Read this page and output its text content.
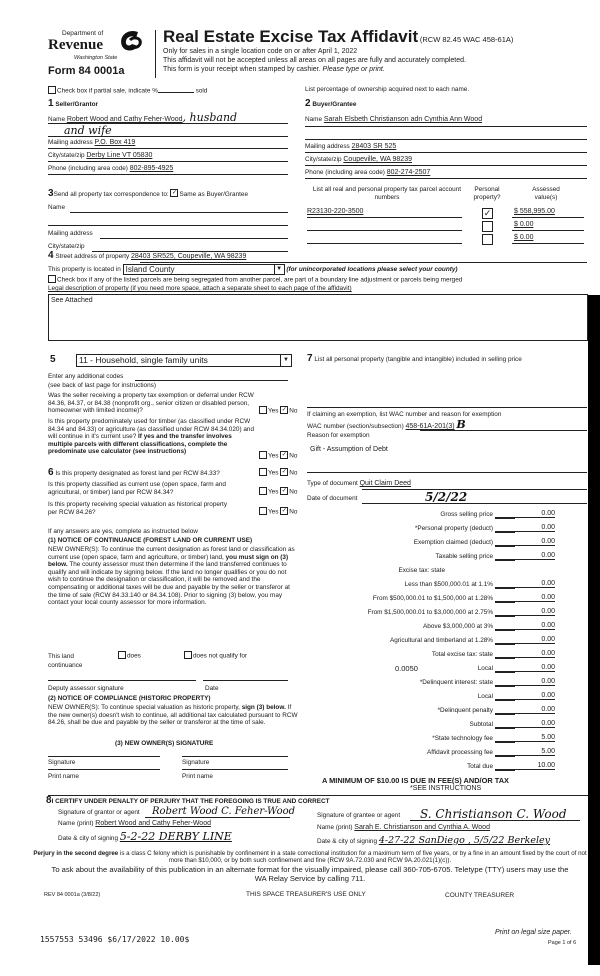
Department of
Revenue
Washington State
Form 84 0001a
Real Estate Excise Tax Affidavit (RCW 82.45 WAC 458-61A)
Only for sales in a single location code on or after April 1, 2022
This affidavit will not be accepted unless all areas on all pages are fully and accurately completed.
This form is your receipt when stamped by cashier. Please type or print.
Check box if partial sale, indicate %	sold	List percentage of ownership acquired next to each name.
1 Seller/Grantor
Name Robert Wood and Cathy Feher-Wood, husband
and wife
Mailing address P.O. Box 419
City/state/zip Derby Line VT 05830
Phone (including area code) 802-895-4925
2 Buyer/Grantee
Name Sarah Elsbeth Christianson adn Cynthia Ann Wood
Mailing address 28403 SR 525
City/state/zip Coupeville, WA 98239
Phone (including area code) 802-274-2507
3Send all property tax correspondence to: ✓ Same as Buyer/Grantee
Name
Mailing address
City/state/zip
List all real and personal property tax parcel account numbers
Personal property?
Assessed value(s)
R23130-220-3500	✓	$ 558,995.00
$ 0.00
$ 0.00
4 Street address of property 28403 SR525, Coupeville, WA 98239
This property is located in Island County	▼ (for unincorporated locations please select your county)
Check box if any of the listed parcels are being segregated from another parcel, are part of a boundary line adjustment or parcels being merged
Legal description of property (if you need more space, attach a separate sheet to each page of the affidavit)
See Attached
5	11 - Household, single family units	▼
Enter any additional codes
(see back of last page for instructions)
Was the seller receiving a property tax exemption or deferral under RCW 84.36, 84.37, or 84.38 (nonprofit org., senior citizen or disabled person, homeowner with limited income)?	Yes ✓ No
Is this property predominately used for timber (as classified under RCW 84.34 and 84.33) or agriculture (as classified under RCW 84.34.020) and will continue in it's current use? If yes and the transfer involves multiple parcels with different classifications, complete the predominate use calculator (see instructions)
Yes ✓ No
6 Is this property designated as forest land per RCW 84.33?	Yes ✓ No
Is this property classified as current use (open space, farm and agricultural, or timber) land per RCW 84.34?	Yes ✓ No
Is this property receiving special valuation as historical property per RCW 84.26?	Yes ✓ No
If any answers are yes, complete as instructed below
(1) NOTICE OF CONTINUANCE (FOREST LAND OR CURRENT USE)
NEW OWNER(S): To continue the current designation as forest land or classification as current use (open space, farm and agriculture, or timber) land, you must sign on (3) below. The county assessor must then determine if the land transferred continues to qualify and will indicate by signing below. If the land no longer qualifies or you do not wish to continue the designation or classification, it will be removed and the compensating or additional taxes will be due and payable by the seller or transferor at the time of sale (RCW 84.33.140 or 84.34.108). Prior to signing (3) below, you may contact your local county assessor for more information.
This land
continuance
does	does not qualify for
Deputy assessor signature	Date
(2) NOTICE OF COMPLIANCE (HISTORIC PROPERTY)
NEW OWNER(S): To continue special valuation as historic property, sign (3) below. If the new owner(s) doesn't wish to continue, all additional tax calculated pursuant to RCW 84.26, shall be due and payable by the seller or transferor at the time of sale.
(3) NEW OWNER(S) SIGNATURE
Signature	Signature
Print name	Print name
7 List all personal property (tangible and intangible) included in selling price
If claiming an exemption, list WAC number and reason for exemption
WAC number (section/subsection) 458-61A-201(3) B
Reason for exemption
Gift - Assumption of Debt
Type of document Quit Claim Deed
Date of document	5/2/22
Gross selling price	0.00
*Personal property (deduct)	0.00
Exemption claimed (deduct)	0.00
Taxable selling price	0.00
Excise tax: state
Less than $500,000.01 at 1.1%	0.00
From $500,000.01 to $1,500,000 at 1.28%	0.00
From $1,500,000.01 to $3,000,000 at 2.75%	0.00
Above $3,000,000 at 3%	0.00
Agricultural and timberland at 1.28%	0.00
Total excise tax: state	0.00
Local
0.0050	0.00
*Delinquent interest: state	0.00
Local	0.00
*Delinquent penalty	0.00
Subtotal	0.00
*State technology fee	5.00
Affidavit processing fee	5.00
Total due	10.00
A MINIMUM OF $10.00 IS DUE IN FEE(S) AND/OR TAX
*SEE INSTRUCTIONS
8I CERTIFY UNDER PENALTY OF PERJURY THAT THE FOREGOING IS TRUE AND CORRECT
Signature of grantor or agent Robert Wood C. Feher-Wood
Name (print) Robert Wood and Cathy Feher-Wood
Date & city of signing 5-2-22 DERBY LINE
Signature of grantee or agent S. Christianson C. Wood
Name (print) Sarah E. Christianson and Cynthia A. Wood
Date & city of signing 4-27-22 SanDiego , 5/5/22 Berkeley
Perjury in the second degree is a class C felony which is punishable by confinement in a state correctional institution for a maximum term of five years, or by a fine in an amount fixed by the court of not more than $10,000, or by both such confinement and fine (RCW 9A.72.030 and RCW 9A.20.021(1)(c)).
To ask about the availability of this publication in an alternate format for the visually impaired, please call 360-705-6705. Teletype (TTY) users may use the WA Relay Service by calling 711.
REV 84 0001a (3/8/22)	THIS SPACE TREASURER'S USE ONLY	COUNTY TREASURER
1557553 53496 $6/17/2022 10.00$
Print on legal size paper.
Page 1 of 6
